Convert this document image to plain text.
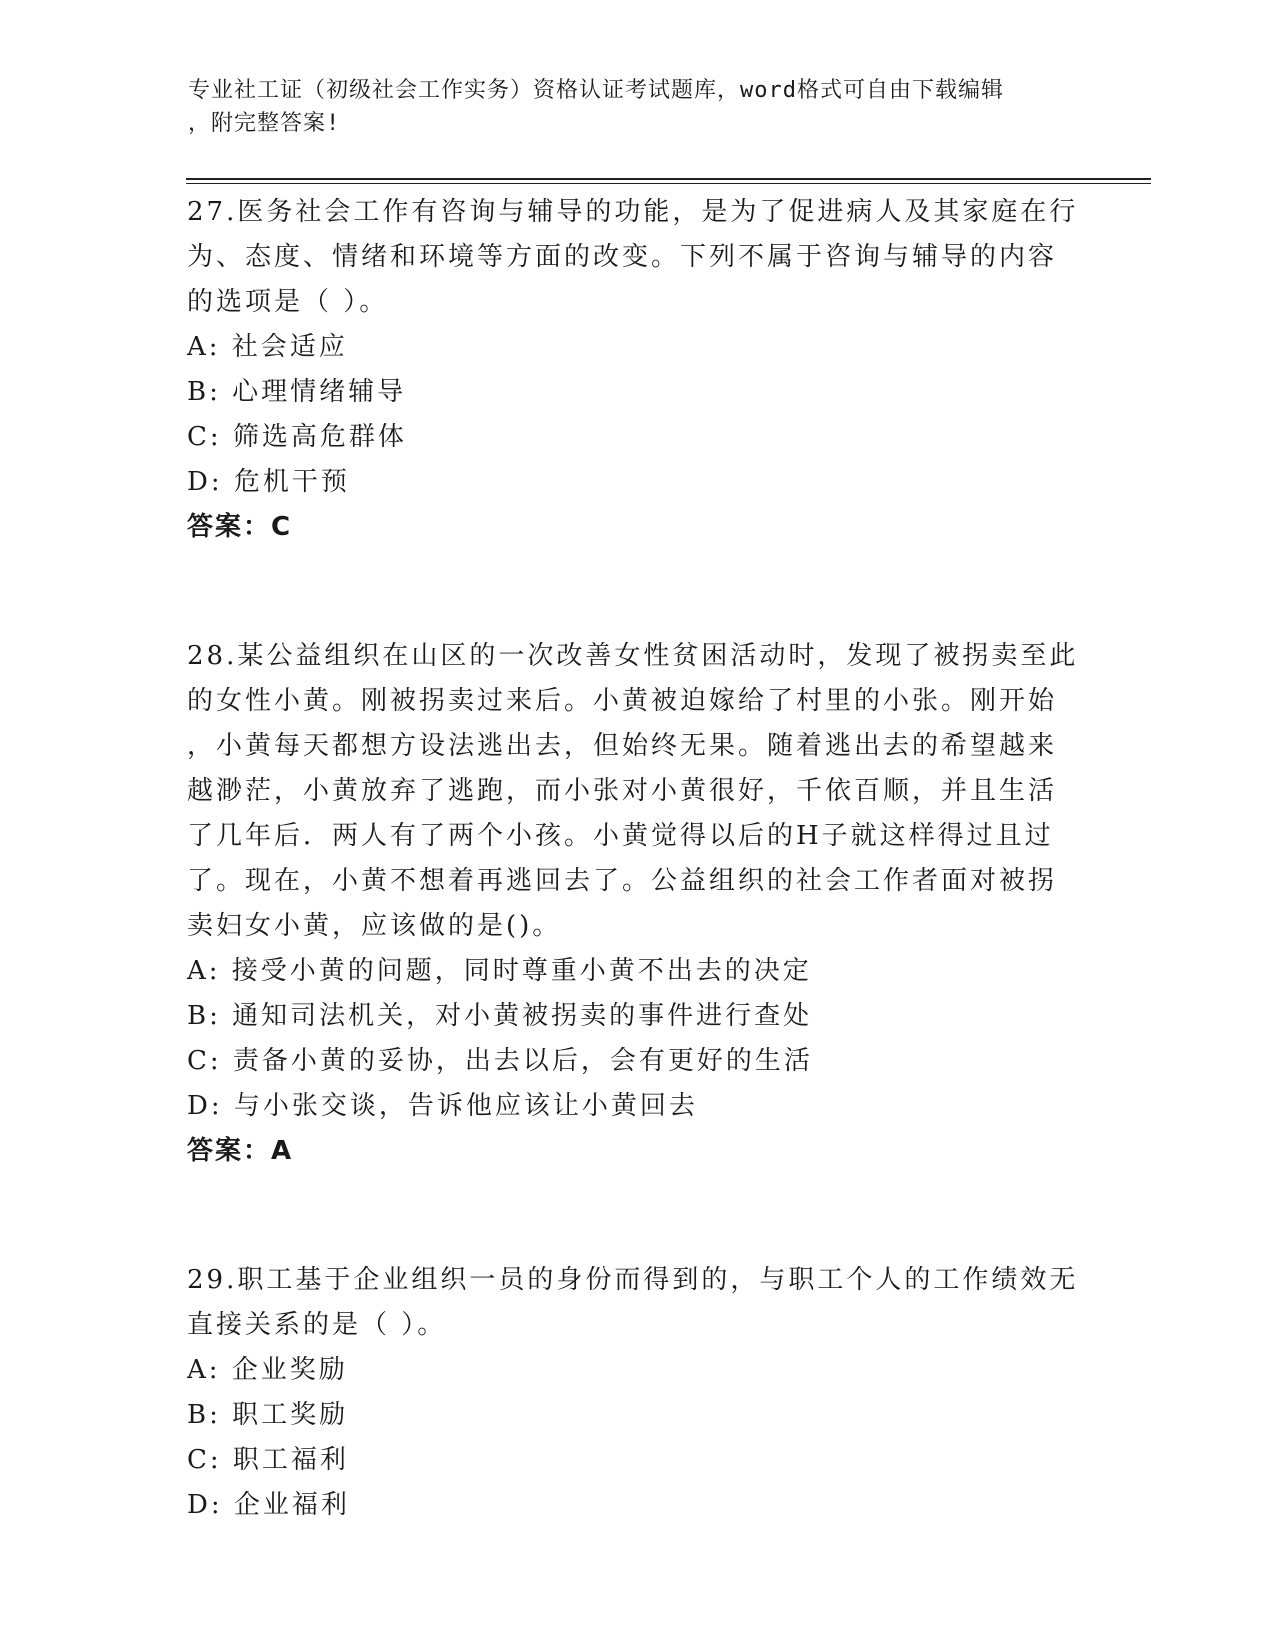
专业社工证（初级社会工作实务）资格认证考试题库，word格式可自由下载编辑
，附完整答案!
27.医务社会工作有咨询与辅导的功能，是为了促进病人及其家庭在行
为、态度、情绪和环境等方面的改变。下列不属于咨询与辅导的内容
的选项是（ ）。
A: 社会适应
B: 心理情绪辅导
C: 筛选高危群体
D: 危机干预
答案：C
28.某公益组织在山区的一次改善女性贫困活动时，发现了被拐卖至此
的女性小黄。刚被拐卖过来后。小黄被迫嫁给了村里的小张。刚开始
，小黄每天都想方设法逃出去，但始终无果。随着逃出去的希望越来
越渺茫，小黄放弃了逃跑，而小张对小黄很好，千依百顺，并且生活
了几年后．两人有了两个小孩。小黄觉得以后的H子就这样得过且过
了。现在，小黄不想着再逃回去了。公益组织的社会工作者面对被拐
卖妇女小黄，应该做的是()。
A: 接受小黄的问题，同时尊重小黄不出去的决定
B: 通知司法机关，对小黄被拐卖的事件进行查处
C: 责备小黄的妥协，出去以后，会有更好的生活
D: 与小张交谈，告诉他应该让小黄回去
答案：A
29.职工基于企业组织一员的身份而得到的，与职工个人的工作绩效无
直接关系的是（ ）。
A: 企业奖励
B: 职工奖励
C: 职工福利
D: 企业福利
